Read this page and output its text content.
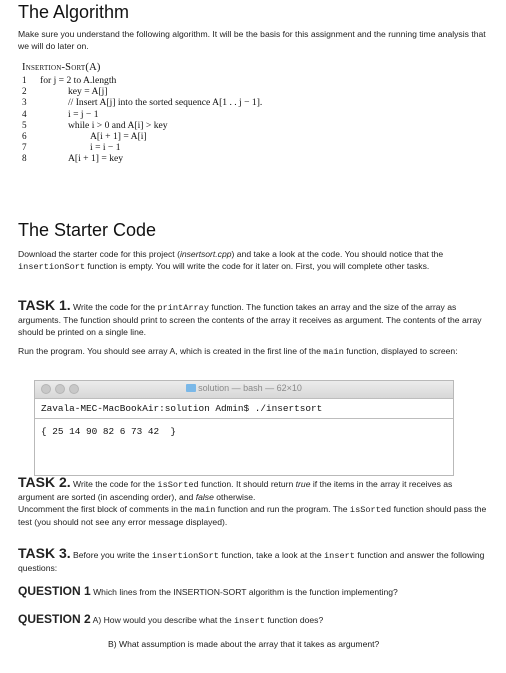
The Algorithm

Make sure you understand the following algorithm. It will be the basis for this assignment and the running time analysis that we will do later on.

Insertion-Sort(A)
1	for j = 2 to A.length
2	key = A[j]
3	// Insert A[j] into the sorted sequence A[1 . . j − 1].
4	i = j − 1
5	while i > 0 and A[i] > key
6	A[i + 1] = A[i]
7	i = i − 1
8	A[i + 1] = key
The Starter Code

Download the starter code for this project (insertsort.cpp) and take a look at the code. You should notice that the insertionSort function is empty. You will write the code for it later on. First, you will complete other tasks.

TASK 1. Write the code for the printArray function. The function takes an array and the size of the array as arguments. The function should print to screen the contents of the array it receives as argument. The contents of the array should be printed on a single line.

Run the program. You should see array A, which is created in the first line of the main function, displayed to screen:

solution — bash — 62×10
Zavala-MEC-MacBookAir:solution Admin$ ./insertsort
{ 25 14 90 82 6 73 42  }

TASK 2. Write the code for the isSorted function. It should return true if the items in the array it receives as argument are sorted (in ascending order), and false otherwise.
Uncomment the first block of comments in the main function and run the program. The isSorted function should pass the test (you should not see any error message displayed).

TASK 3. Before you write the insertionSort function, take a look at the insert function and answer the following questions:

QUESTION 1 Which lines from the INSERTION-SORT algorithm is the function implementing?

QUESTION 2 A) How would you describe what the insert function does?

B) What assumption is made about the array that it takes as argument?
